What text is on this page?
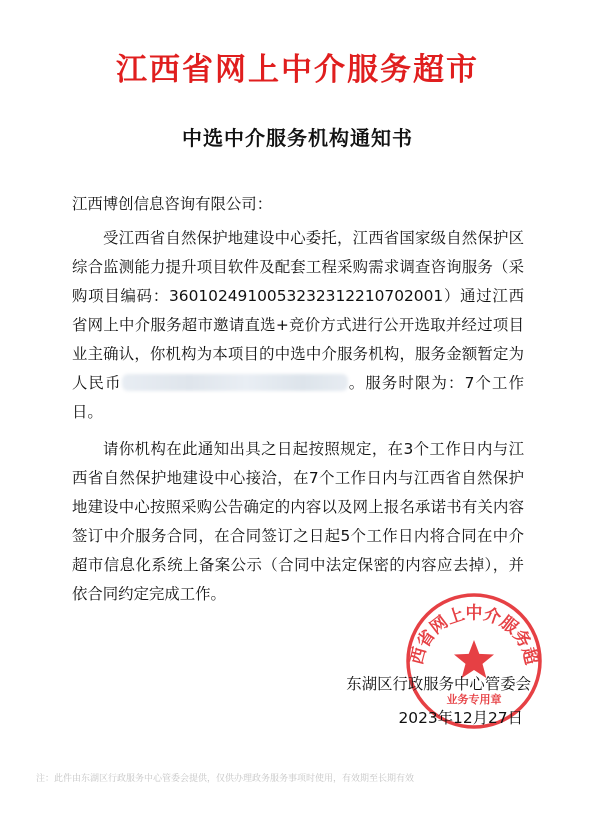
江西省网上中介服务超市
中选中介服务机构通知书
江西博创信息咨询有限公司：

受江西省自然保护地建设中心委托，江西省国家级自然保护区综合监测能力提升项目软件及配套工程采购需求调查咨询服务（采购项目编码：3601024910053232312210702001）通过江西省网上中介服务超市邀请直选+竞价方式进行公开选取并经过项目业主确认，你机构为本项目的中选中介服务机构，服务金额暂定为人民币	。服务时限为：7个工作日。

请你机构在此通知出具之日起按照规定，在3个工作日内与江西省自然保护地建设中心接洽，在7个工作日内与江西省自然保护地建设中心按照采购公告确定的内容以及网上报名承诺书有关内容签订中介服务合同，在合同签订之日起5个工作日内将合同在中介超市信息化系统上备案公示（合同中法定保密的内容应去掉），并依合同约定完成工作。

西省网上中介服务超
业务专用章
东湖区行政服务中心管委会
2023年12月27日
注：此件由东湖区行政服务中心管委会提供，仅供办理政务服务事项时使用，有效期至长期有效
